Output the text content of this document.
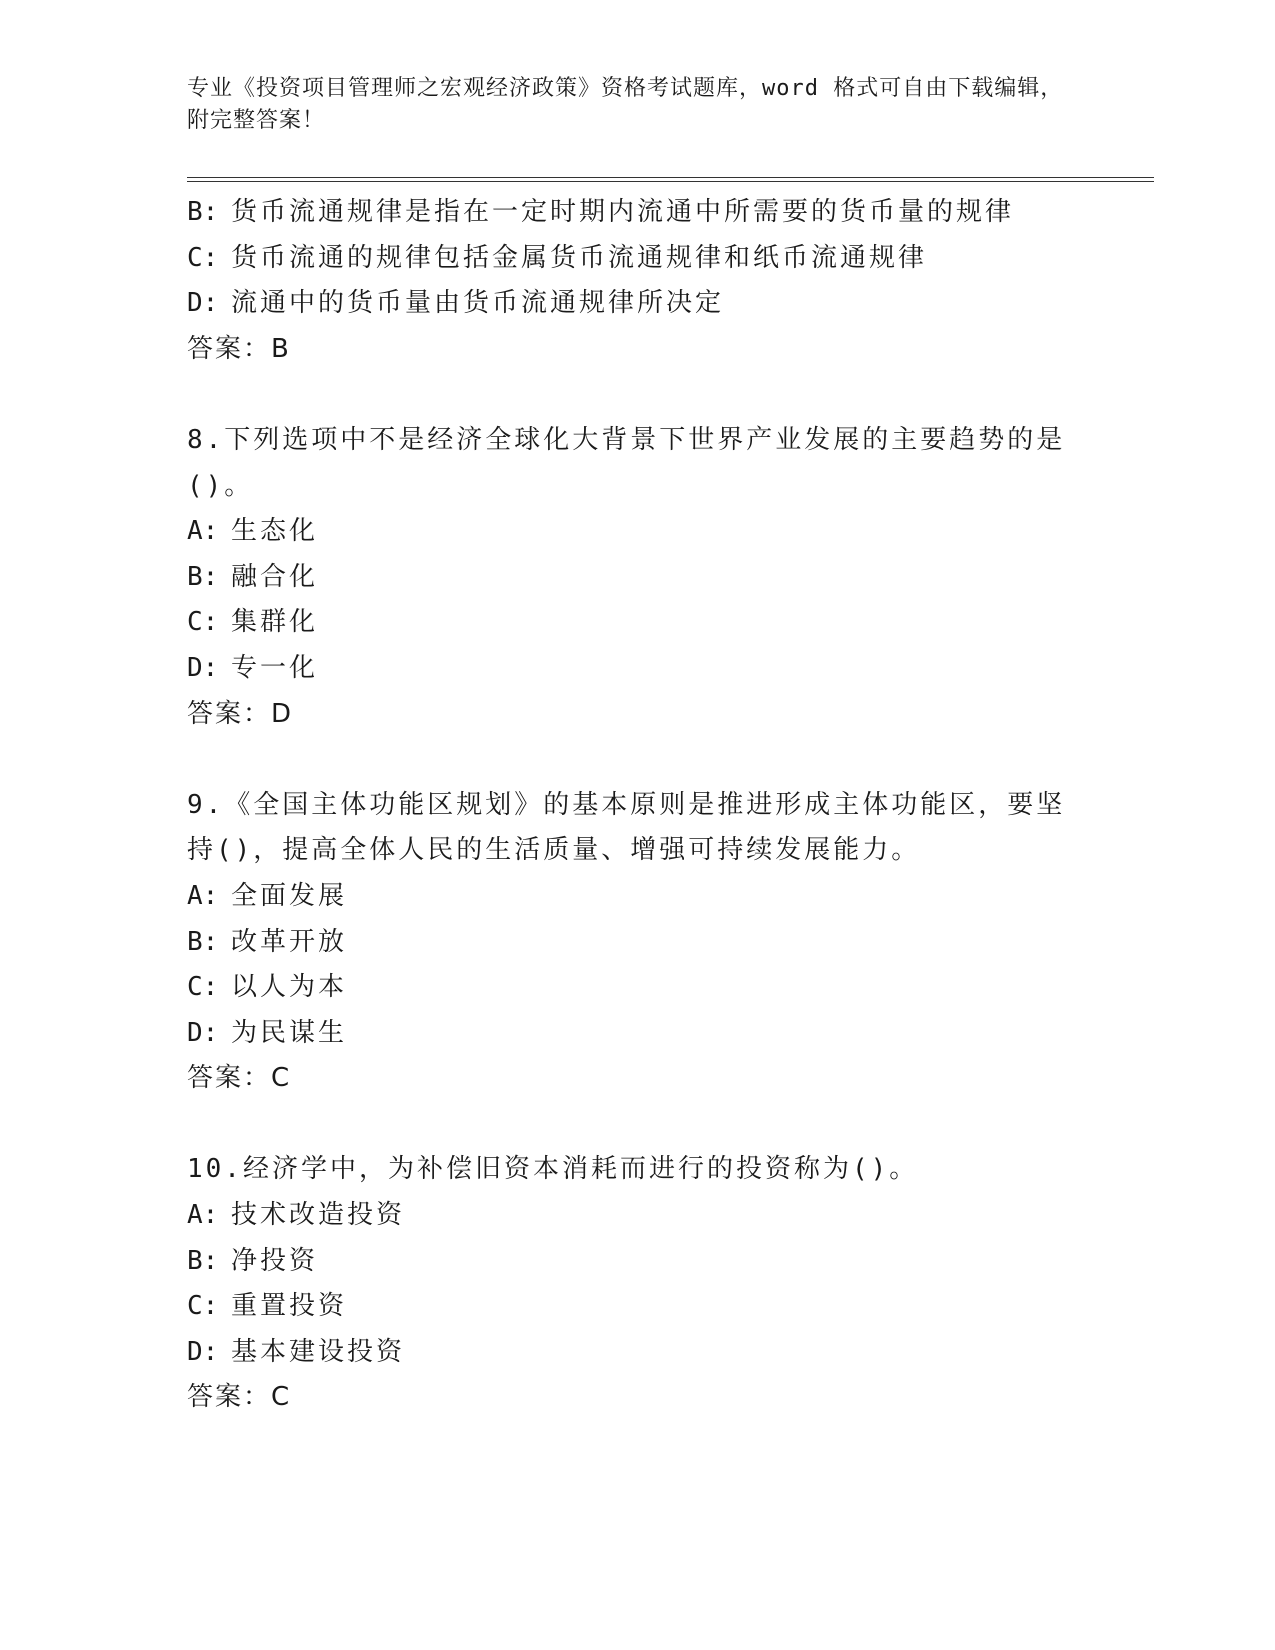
专业《投资项目管理师之宏观经济政策》资格考试题库，word 格式可自由下载编辑，附完整答案！

B: 货币流通规律是指在一定时期内流通中所需要的货币量的规律
C: 货币流通的规律包括金属货币流通规律和纸币流通规律
D: 流通中的货币量由货币流通规律所决定
答案：B
8.下列选项中不是经济全球化大背景下世界产业发展的主要趋势的是
()。
A: 生态化
B: 融合化
C: 集群化
D: 专一化
答案：D
9.《全国主体功能区规划》的基本原则是推进形成主体功能区，要坚
持()，提高全体人民的生活质量、增强可持续发展能力。
A: 全面发展
B: 改革开放
C: 以人为本
D: 为民谋生
答案：C
10.经济学中，为补偿旧资本消耗而进行的投资称为()。
A: 技术改造投资
B: 净投资
C: 重置投资
D: 基本建设投资
答案：C
